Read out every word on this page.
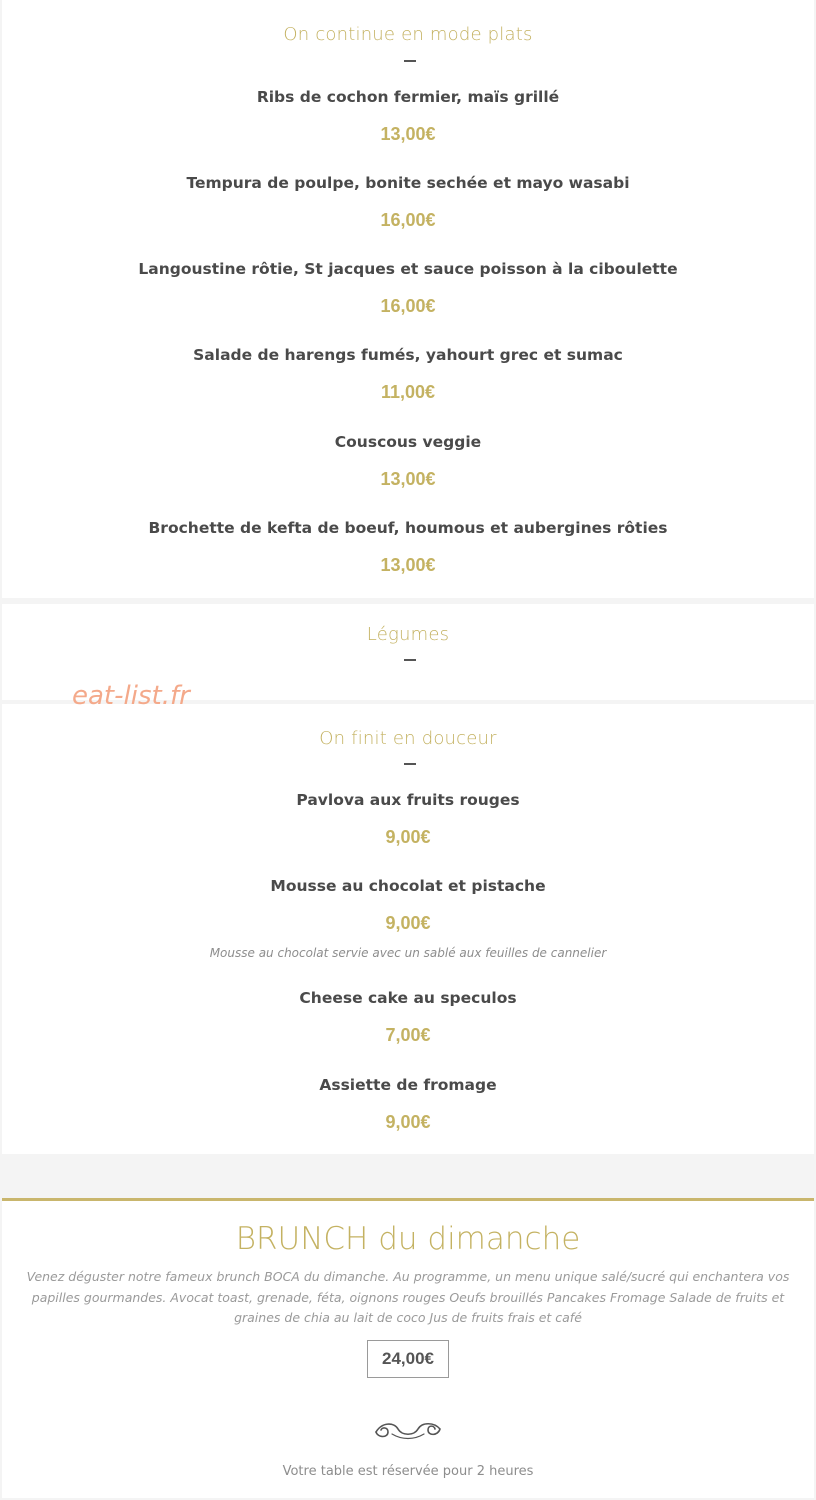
On continue en mode plats
Ribs de cochon fermier, maïs grillé
13,00€
Tempura de poulpe, bonite sechée et mayo wasabi
16,00€
Langoustine rôtie, St jacques et sauce poisson à la ciboulette
16,00€
Salade de harengs fumés, yahourt grec et sumac
11,00€
Couscous veggie
13,00€
Brochette de kefta de boeuf, houmous et aubergines rôties
13,00€
Légumes
eat-list.fr
On finit en douceur
Pavlova aux fruits rouges
9,00€
Mousse au chocolat et pistache
9,00€
Mousse au chocolat servie avec un sablé aux feuilles de cannelier
Cheese cake au speculos
7,00€
Assiette de fromage
9,00€
BRUNCH du dimanche
Venez déguster notre fameux brunch BOCA du dimanche. Au programme, un menu unique salé/sucré qui enchantera vos papilles gourmandes. Avocat toast, grenade, féta, oignons rouges Oeufs brouillés Pancakes Fromage Salade de fruits et graines de chia au lait de coco Jus de fruits frais et café
24,00€
Votre table est réservée pour 2 heures
